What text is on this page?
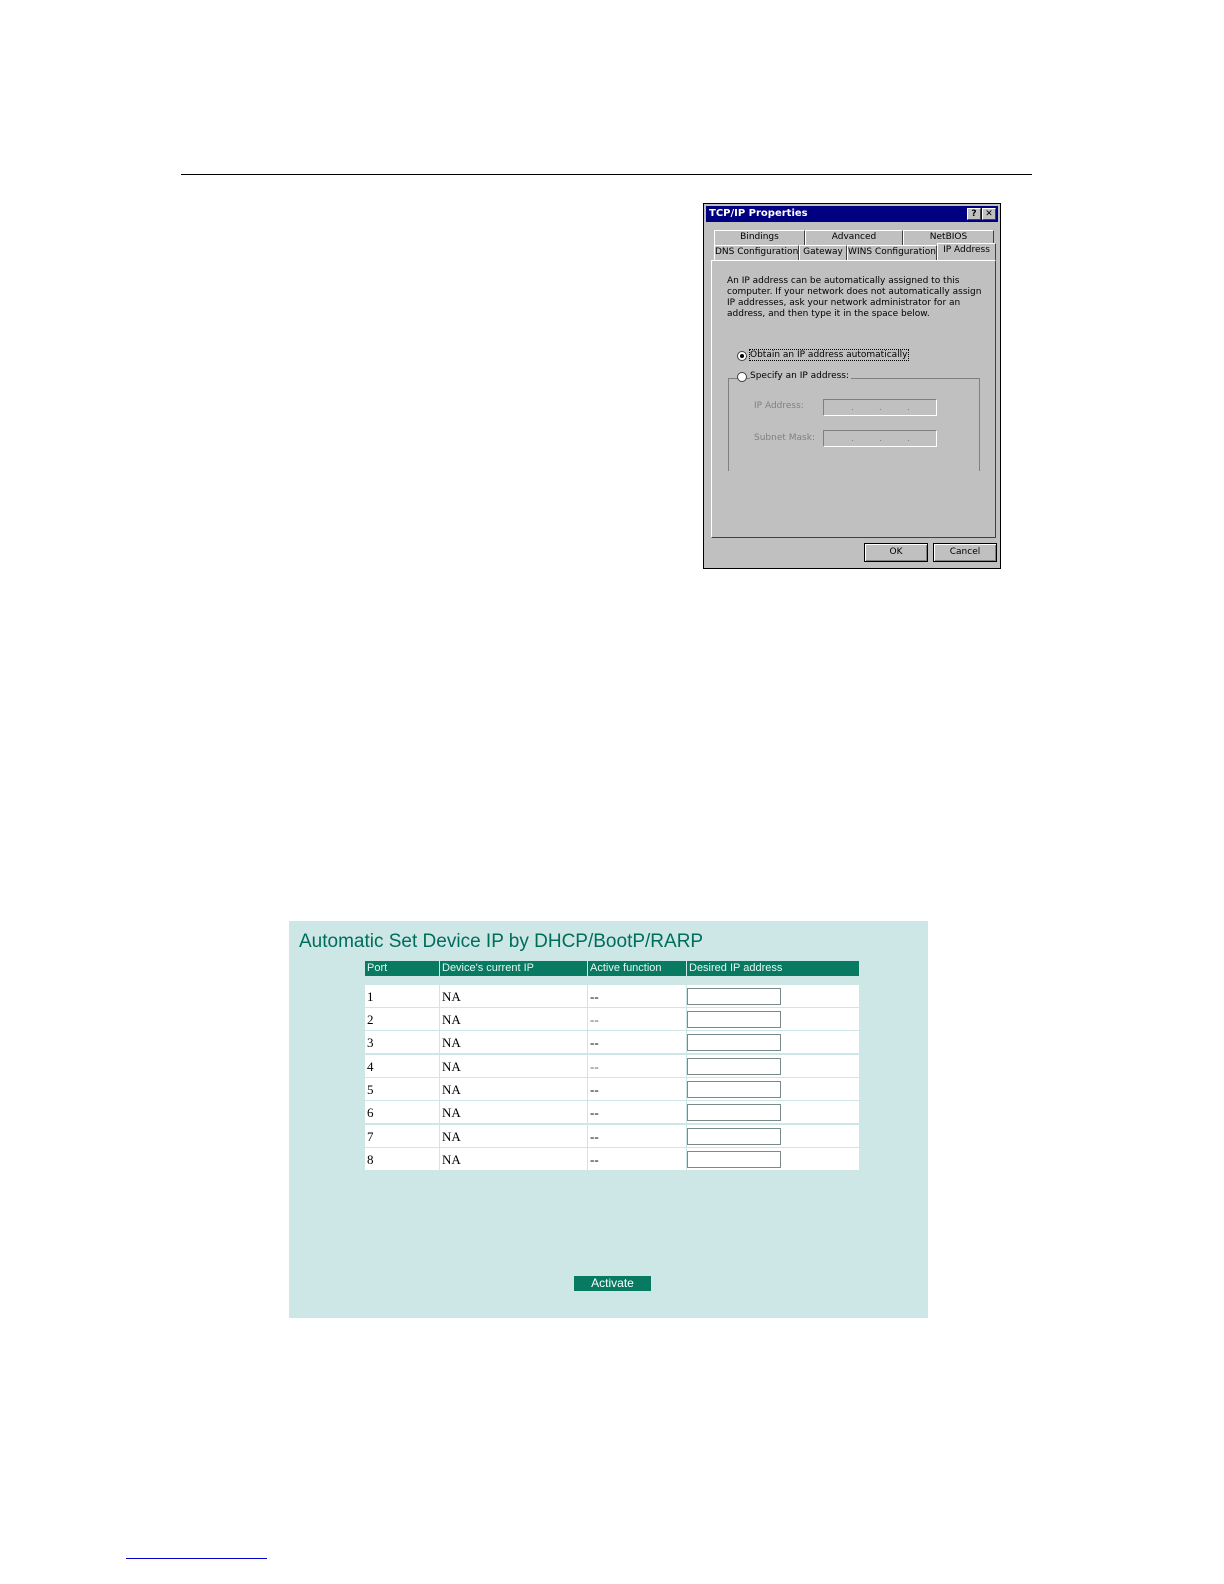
TCP/IP Properties	? ✕
Bindings	Advanced	NetBIOS
DNS Configuration Gateway WINS Configuration IP Address
An IP address can be automatically assigned to this computer. If your network does not automatically assign IP addresses, ask your network administrator for an address, and then type it in the space below.
Obtain an IP address automatically
Specify an IP address:
IP Address:	.	.	.
Subnet Mask:	.	.	.
OK	Cancel
Automatic Set Device IP by DHCP/BootP/RARP
Port	Device's current IP	Active function	Desired IP address
1	NA	--
2	NA	--
3	NA	--
4	NA	--
5	NA	--
6	NA	--
7	NA	--
8	NA	--
Activate
